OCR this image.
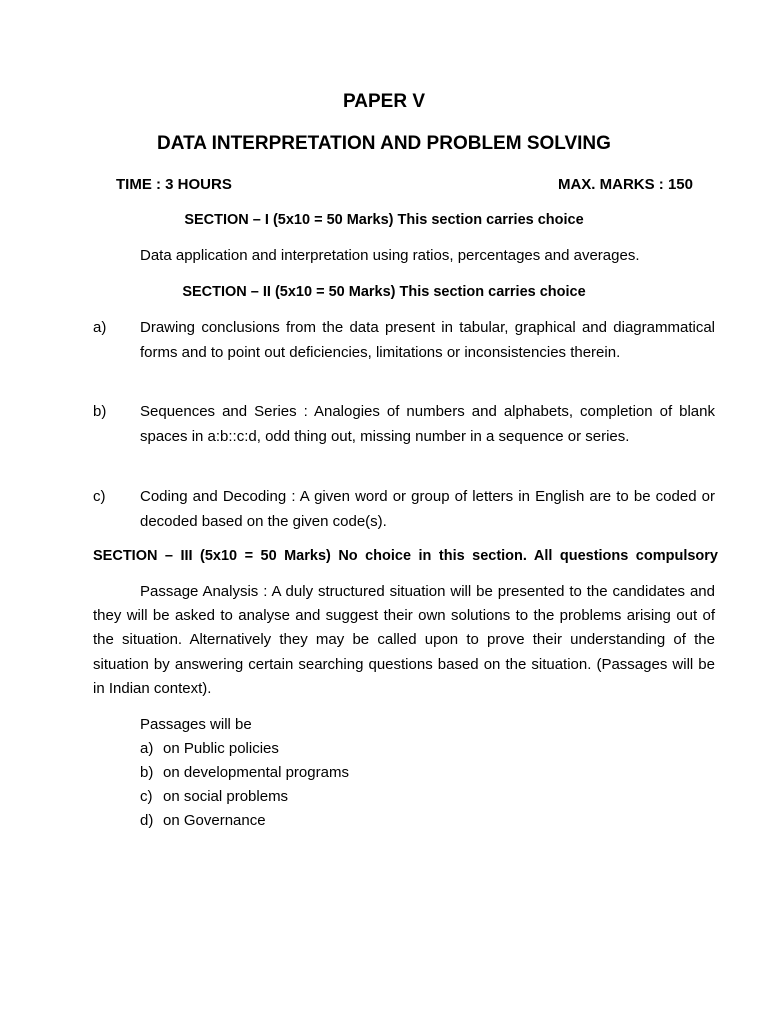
PAPER V
DATA INTERPRETATION AND PROBLEM SOLVING
TIME : 3 HOURS	MAX. MARKS : 150
SECTION – I (5x10 = 50 Marks) This section carries choice
Data application and interpretation using ratios, percentages and averages.
SECTION – II (5x10 = 50 Marks) This section carries choice
a) Drawing conclusions from the data present in tabular, graphical and diagrammatical forms and to point out deficiencies, limitations or inconsistencies therein.
b) Sequences and Series : Analogies of numbers and alphabets, completion of blank spaces in a:b::c:d, odd thing out, missing number in a sequence or series.
c) Coding and Decoding : A given word or group of letters in English are to be coded or decoded based on the given code(s).
SECTION – III (5x10 = 50 Marks) No choice in this section. All questions compulsory
Passage Analysis : A duly structured situation will be presented to the candidates and they will be asked to analyse and suggest their own solutions to the problems arising out of the situation. Alternatively they may be called upon to prove their understanding of the situation by answering certain searching questions based on the situation. (Passages will be in Indian context).
Passages will be
a) on Public policies
b) on developmental programs
c) on social problems
d) on Governance
